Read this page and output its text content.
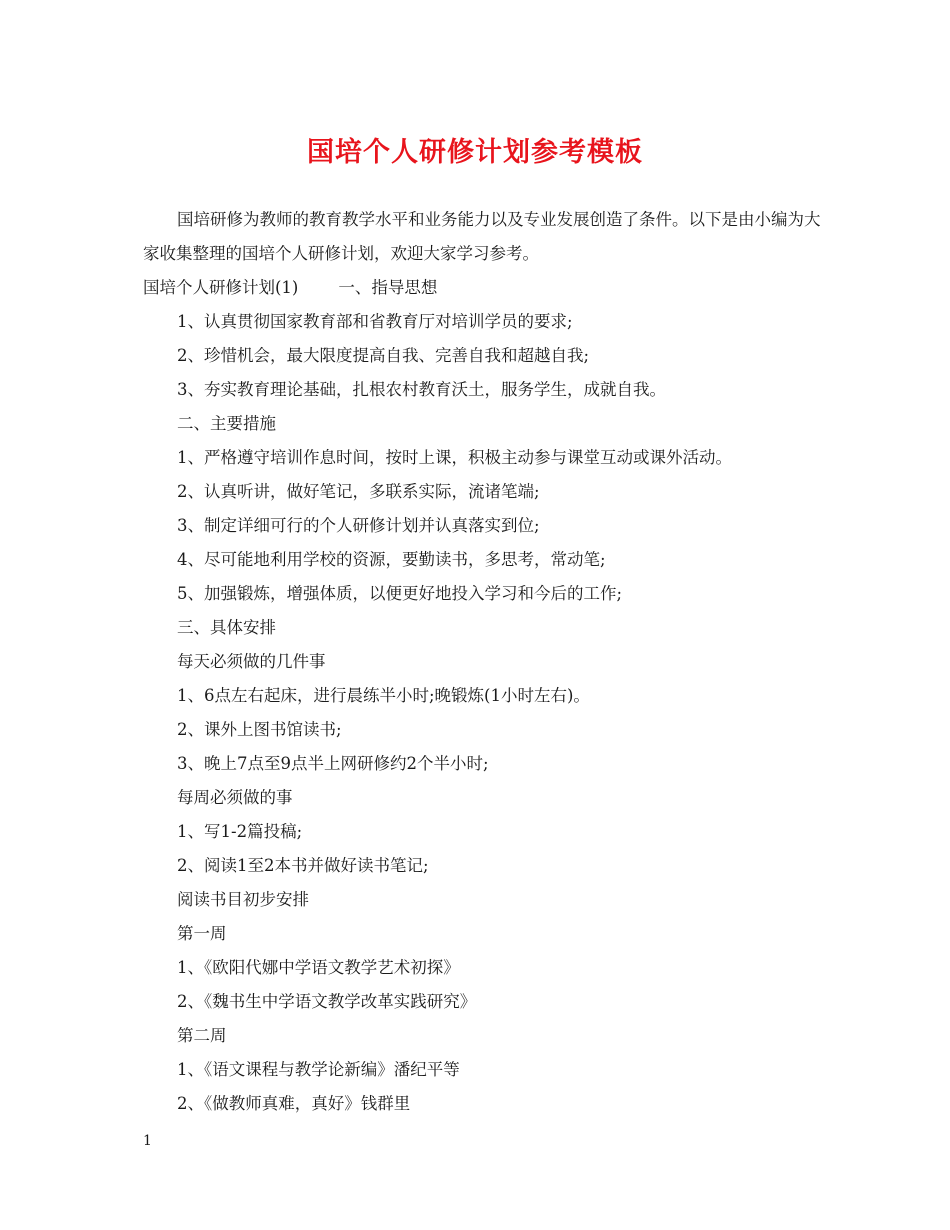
国培个人研修计划参考模板

国培研修为教师的教育教学水平和业务能力以及专业发展创造了条件。以下是由小编为大家收集整理的国培个人研修计划，欢迎大家学习参考。

国培个人研修计划(1) 一、指导思想

1、认真贯彻国家教育部和省教育厅对培训学员的要求;

2、珍惜机会，最大限度提高自我、完善自我和超越自我;

3、夯实教育理论基础，扎根农村教育沃土，服务学生，成就自我。

二、主要措施

1、严格遵守培训作息时间，按时上课，积极主动参与课堂互动或课外活动。

2、认真听讲，做好笔记，多联系实际，流诸笔端;

3、制定详细可行的个人研修计划并认真落实到位;

4、尽可能地利用学校的资源，要勤读书，多思考，常动笔;

5、加强锻炼，增强体质，以便更好地投入学习和今后的工作;

三、具体安排

每天必须做的几件事

1、6点左右起床，进行晨练半小时;晚锻炼(1小时左右)。

2、课外上图书馆读书;

3、晚上7点至9点半上网研修约2个半小时;

每周必须做的事

1、写1-2篇投稿;

2、阅读1至2本书并做好读书笔记;

阅读书目初步安排

第一周

1、《欧阳代娜中学语文教学艺术初探》

2、《魏书生中学语文教学改革实践研究》

第二周

1、《语文课程与教学论新编》潘纪平等

2、《做教师真难，真好》钱群里

1
